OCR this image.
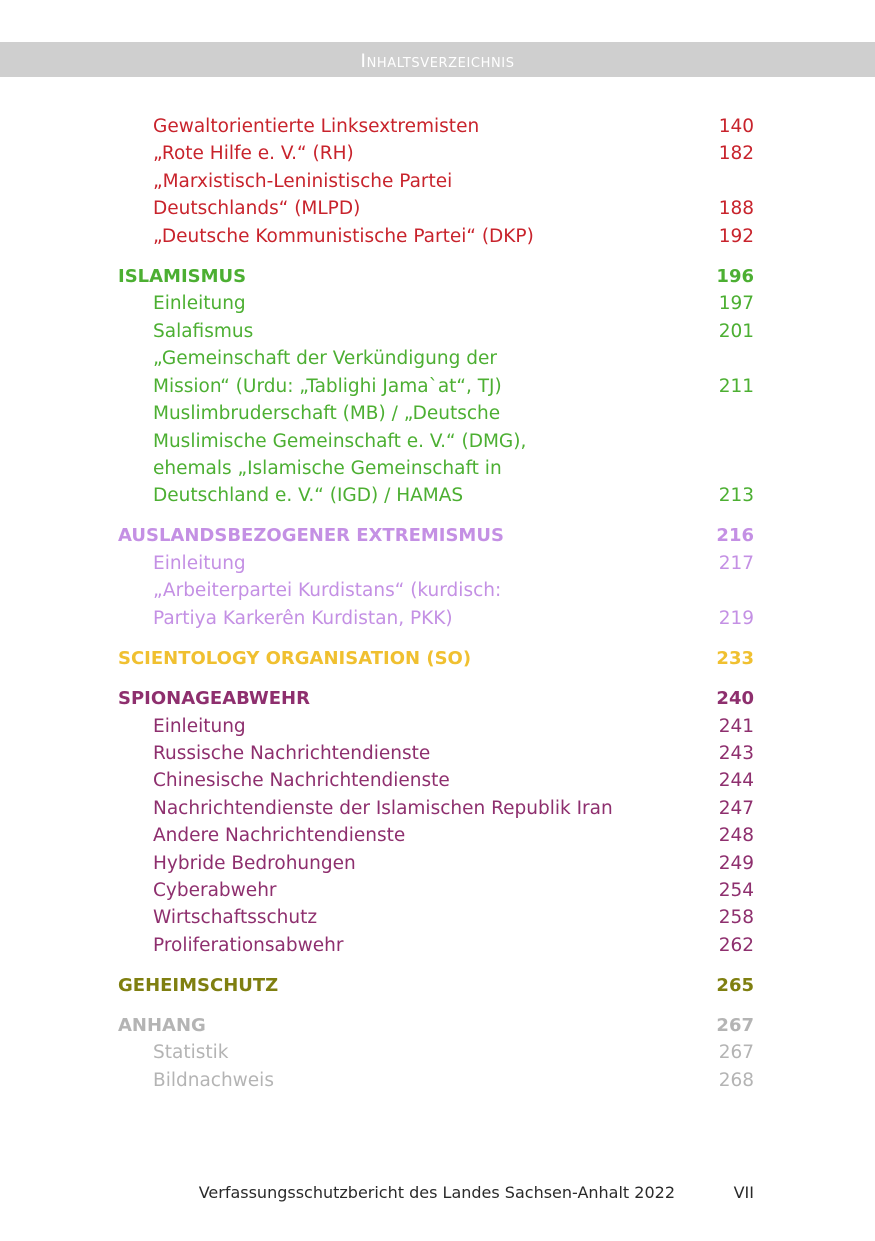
Inhaltsverzeichnis
Gewaltorientierte Linksextremisten	140
„Rote Hilfe e. V.“ (RH)	182
„Marxistisch-Leninistische Partei
Deutschlands“ (MLPD)	188
„Deutsche Kommunistische Partei“ (DKP)	192
ISLAMISMUS	196
Einleitung	197
Salafismus	201
„Gemeinschaft der Verkündigung der
Mission“ (Urdu: „Tablighi Jama`at“, TJ)	211
Muslimbruderschaft (MB) / „Deutsche
Muslimische Gemeinschaft e. V.“ (DMG),
ehemals „Islamische Gemeinschaft in
Deutschland e. V.“ (IGD) / HAMAS	213
AUSLANDSBEZOGENER EXTREMISMUS	216
Einleitung	217
„Arbeiterpartei Kurdistans“ (kurdisch:
Partiya Karkerên Kurdistan, PKK)	219
SCIENTOLOGY ORGANISATION (SO)	233
SPIONAGEABWEHR	240
Einleitung	241
Russische Nachrichtendienste	243
Chinesische Nachrichtendienste	244
Nachrichtendienste der Islamischen Republik Iran	247
Andere Nachrichtendienste	248
Hybride Bedrohungen	249
Cyberabwehr	254
Wirtschaftsschutz	258
Proliferationsabwehr	262
GEHEIMSCHUTZ	265
ANHANG	267
Statistik	267
Bildnachweis	268
Verfassungsschutzbericht des Landes Sachsen-Anhalt 2022	VII
